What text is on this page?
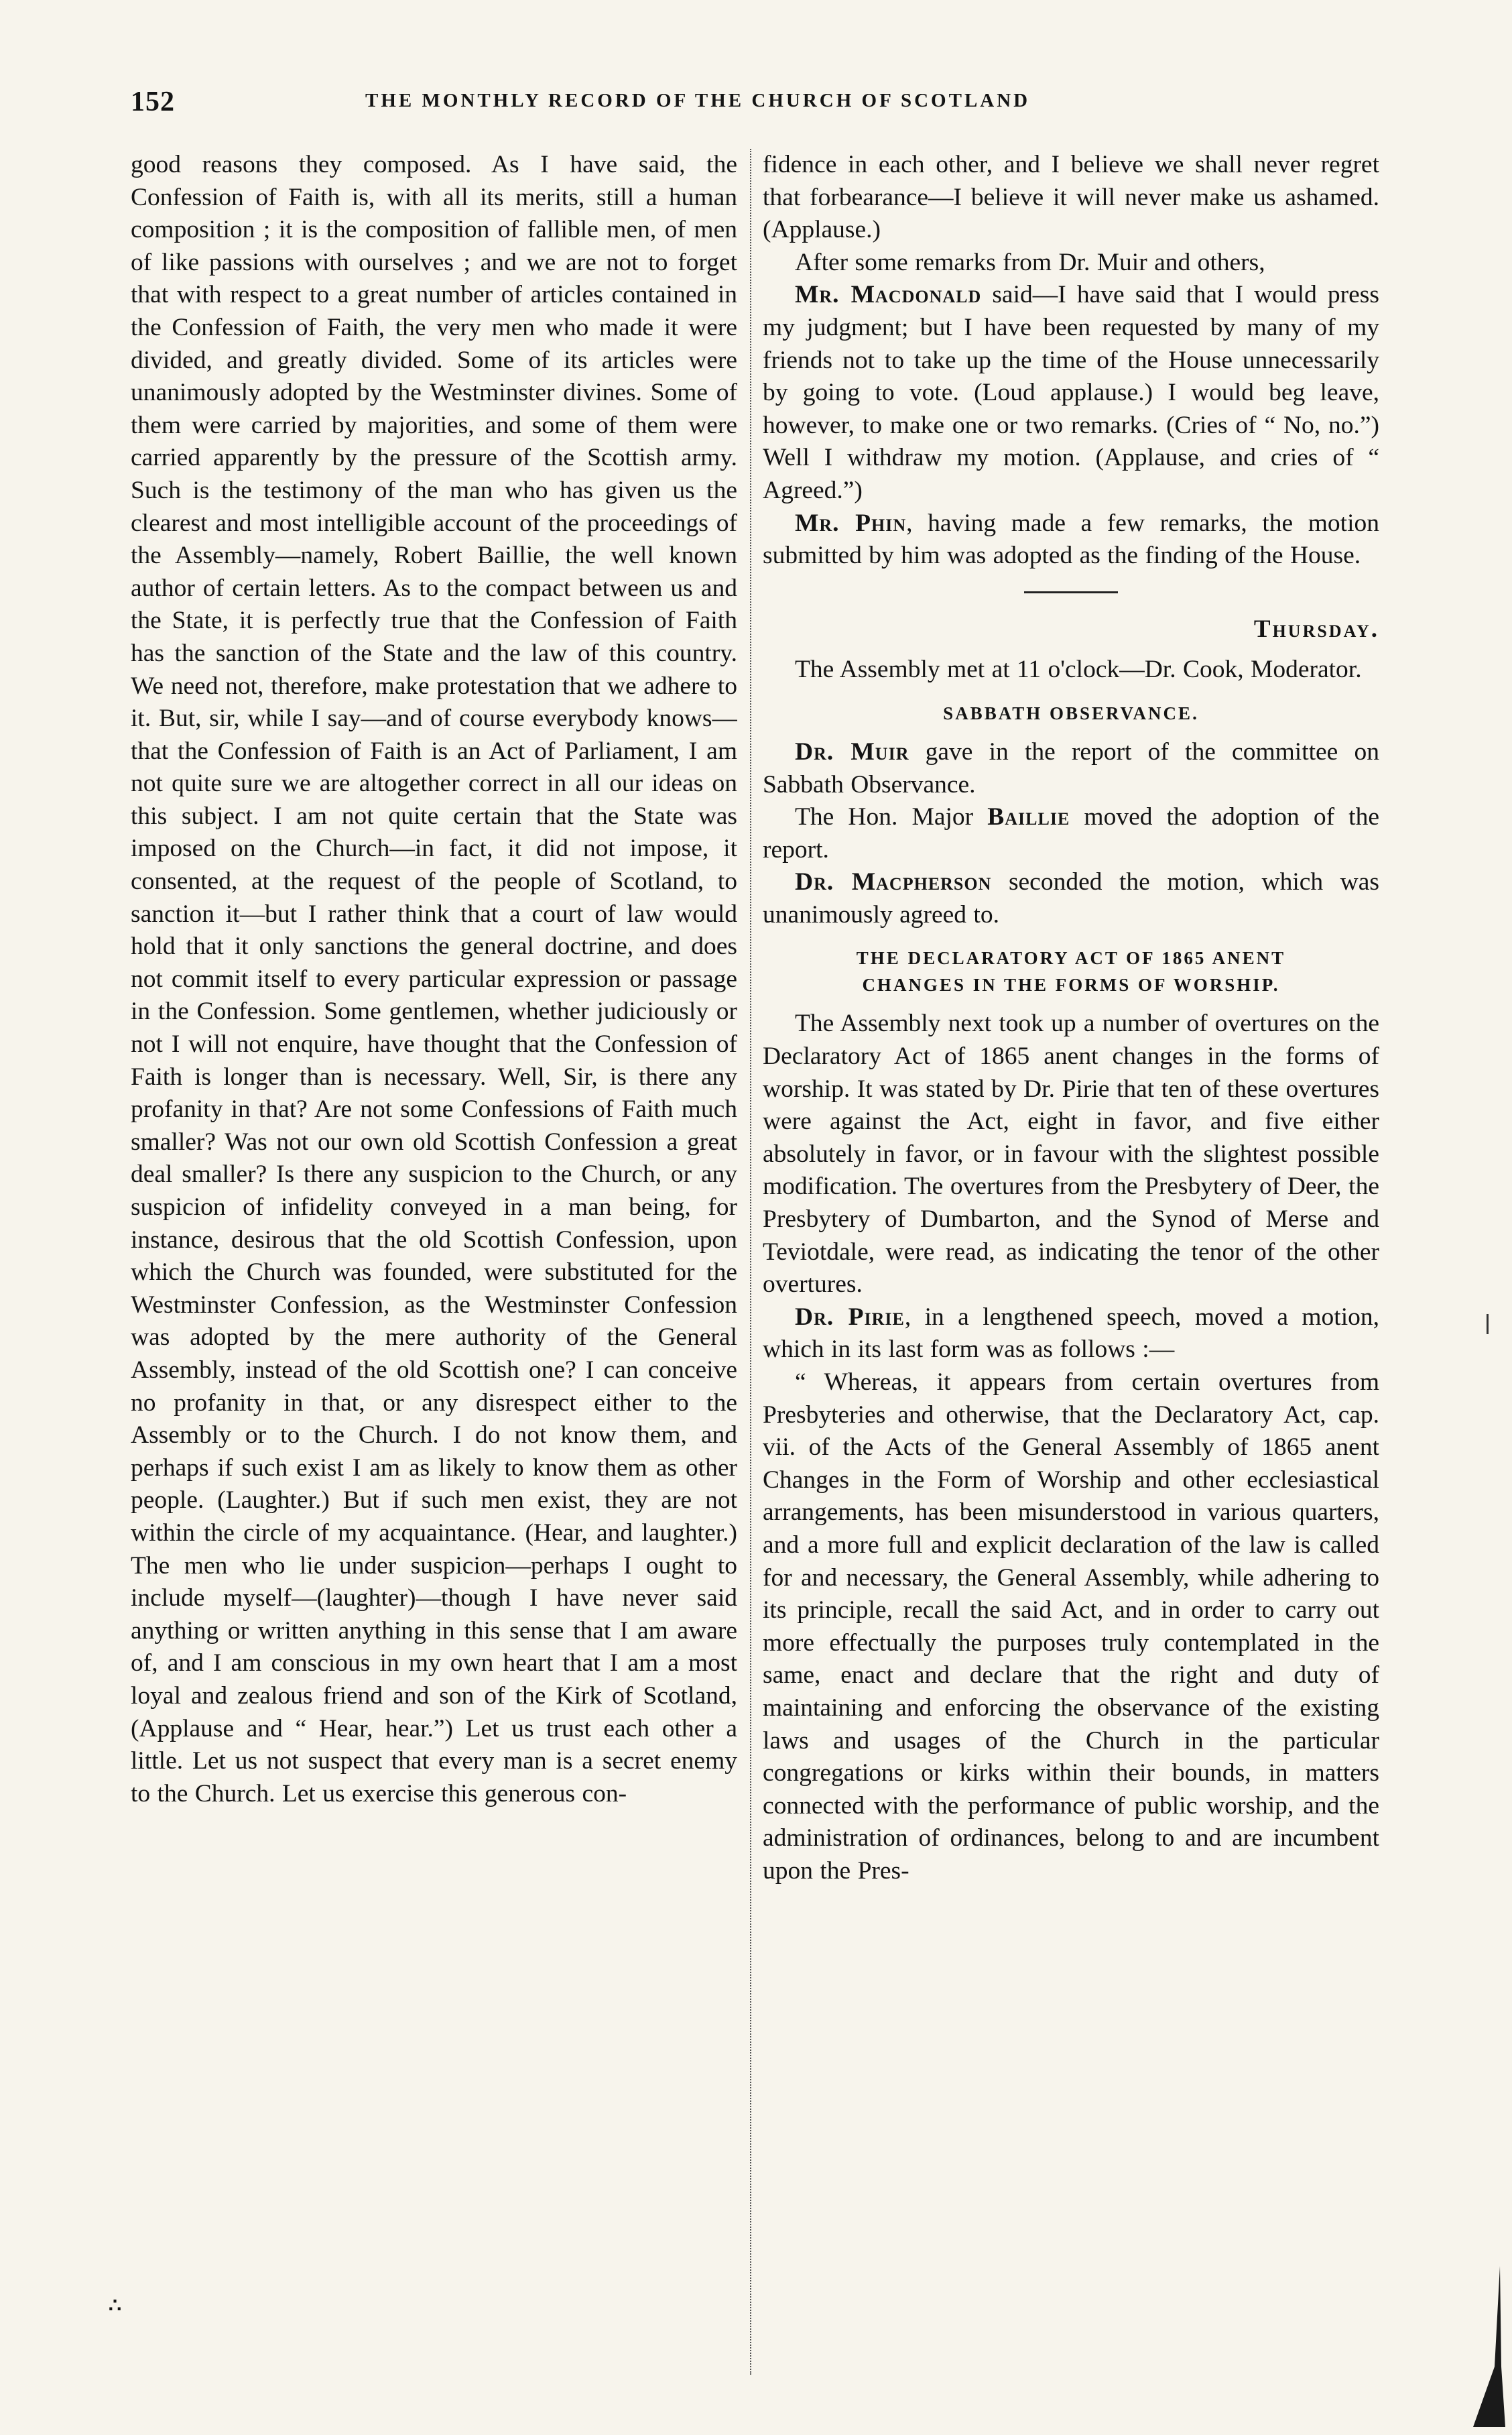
152	THE MONTHLY RECORD OF THE CHURCH OF SCOTLAND

good reasons they composed. As I have said, the Confession of Faith is, with all its merits, still a human composition ; it is the composition of fallible men, of men of like passions with ourselves ; and we are not to forget that with respect to a great number of articles contained in the Confession of Faith, the very men who made it were divided, and greatly divided. Some of its articles were unanimously adopted by the Westminster divines. Some of them were carried by majorities, and some of them were carried apparently by the pressure of the Scottish army. Such is the testimony of the man who has given us the clearest and most intelligible account of the proceedings of the Assembly—namely, Robert Baillie, the well known author of certain letters. As to the compact between us and the State, it is perfectly true that the Confession of Faith has the sanction of the State and the law of this country. We need not, therefore, make protestation that we adhere to it. But, sir, while I say—and of course everybody knows—that the Confession of Faith is an Act of Parliament, I am not quite sure we are altogether correct in all our ideas on this subject. I am not quite certain that the State was imposed on the Church—in fact, it did not impose, it consented, at the request of the people of Scotland, to sanction it—but I rather think that a court of law would hold that it only sanctions the general doctrine, and does not commit itself to every particular expression or passage in the Confession. Some gentlemen, whether judiciously or not I will not enquire, have thought that the Confession of Faith is longer than is necessary. Well, Sir, is there any profanity in that? Are not some Confessions of Faith much smaller? Was not our own old Scottish Confession a great deal smaller? Is there any suspicion to the Church, or any suspicion of infidelity conveyed in a man being, for instance, desirous that the old Scottish Confession, upon which the Church was founded, were substituted for the Westminster Confession, as the Westminster Confession was adopted by the mere authority of the General Assembly, instead of the old Scottish one? I can conceive no profanity in that, or any disrespect either to the Assembly or to the Church. I do not know them, and perhaps if such exist I am as likely to know them as other people. (Laughter.) But if such men exist, they are not within the circle of my acquaintance. (Hear, and laughter.) The men who lie under suspicion—perhaps I ought to include myself—(laughter)—though I have never said anything or written anything in this sense that I am aware of, and I am conscious in my own heart that I am a most loyal and zealous friend and son of the Kirk of Scotland, (Applause and “ Hear, hear.”) Let us trust each other a little. Let us not suspect that every man is a secret enemy to the Church. Let us exercise this generous con-

fidence in each other, and I believe we shall never regret that forbearance—I believe it will never make us ashamed. (Applause.)

After some remarks from Dr. Muir and others,

Mr. Macdonald said—I have said that I would press my judgment; but I have been requested by many of my friends not to take up the time of the House unnecessarily by going to vote. (Loud applause.) I would beg leave, however, to make one or two remarks. (Cries of “ No, no.”) Well I withdraw my motion. (Applause, and cries of “ Agreed.”)

Mr. Phin, having made a few remarks, the motion submitted by him was adopted as the finding of the House.

Thursday.

The Assembly met at 11 o'clock—Dr. Cook, Moderator.

SABBATH OBSERVANCE.

Dr. Muir gave in the report of the committee on Sabbath Observance.

The Hon. Major Baillie moved the adoption of the report.

Dr. Macpherson seconded the motion, which was unanimously agreed to.

THE DECLARATORY ACT OF 1865 ANENT
CHANGES IN THE FORMS OF WORSHIP.

The Assembly next took up a number of overtures on the Declaratory Act of 1865 anent changes in the forms of worship. It was stated by Dr. Pirie that ten of these overtures were against the Act, eight in favor, and five either absolutely in favor, or in favour with the slightest possible modification. The overtures from the Presbytery of Deer, the Presbytery of Dumbarton, and the Synod of Merse and Teviotdale, were read, as indicating the tenor of the other overtures.

Dr. Pirie, in a lengthened speech, moved a motion, which in its last form was as follows :—

“ Whereas, it appears from certain overtures from Presbyteries and otherwise, that the Declaratory Act, cap. vii. of the Acts of the General Assembly of 1865 anent Changes in the Form of Worship and other ecclesiastical arrangements, has been misunderstood in various quarters, and a more full and explicit declaration of the law is called for and necessary, the General Assembly, while adhering to its principle, recall the said Act, and in order to carry out more effectually the purposes truly contemplated in the same, enact and declare that the right and duty of maintaining and enforcing the observance of the existing laws and usages of the Church in the particular congregations or kirks within their bounds, in matters connected with the performance of public worship, and the administration of ordinances, belong to and are incumbent upon the Pres-

∴
